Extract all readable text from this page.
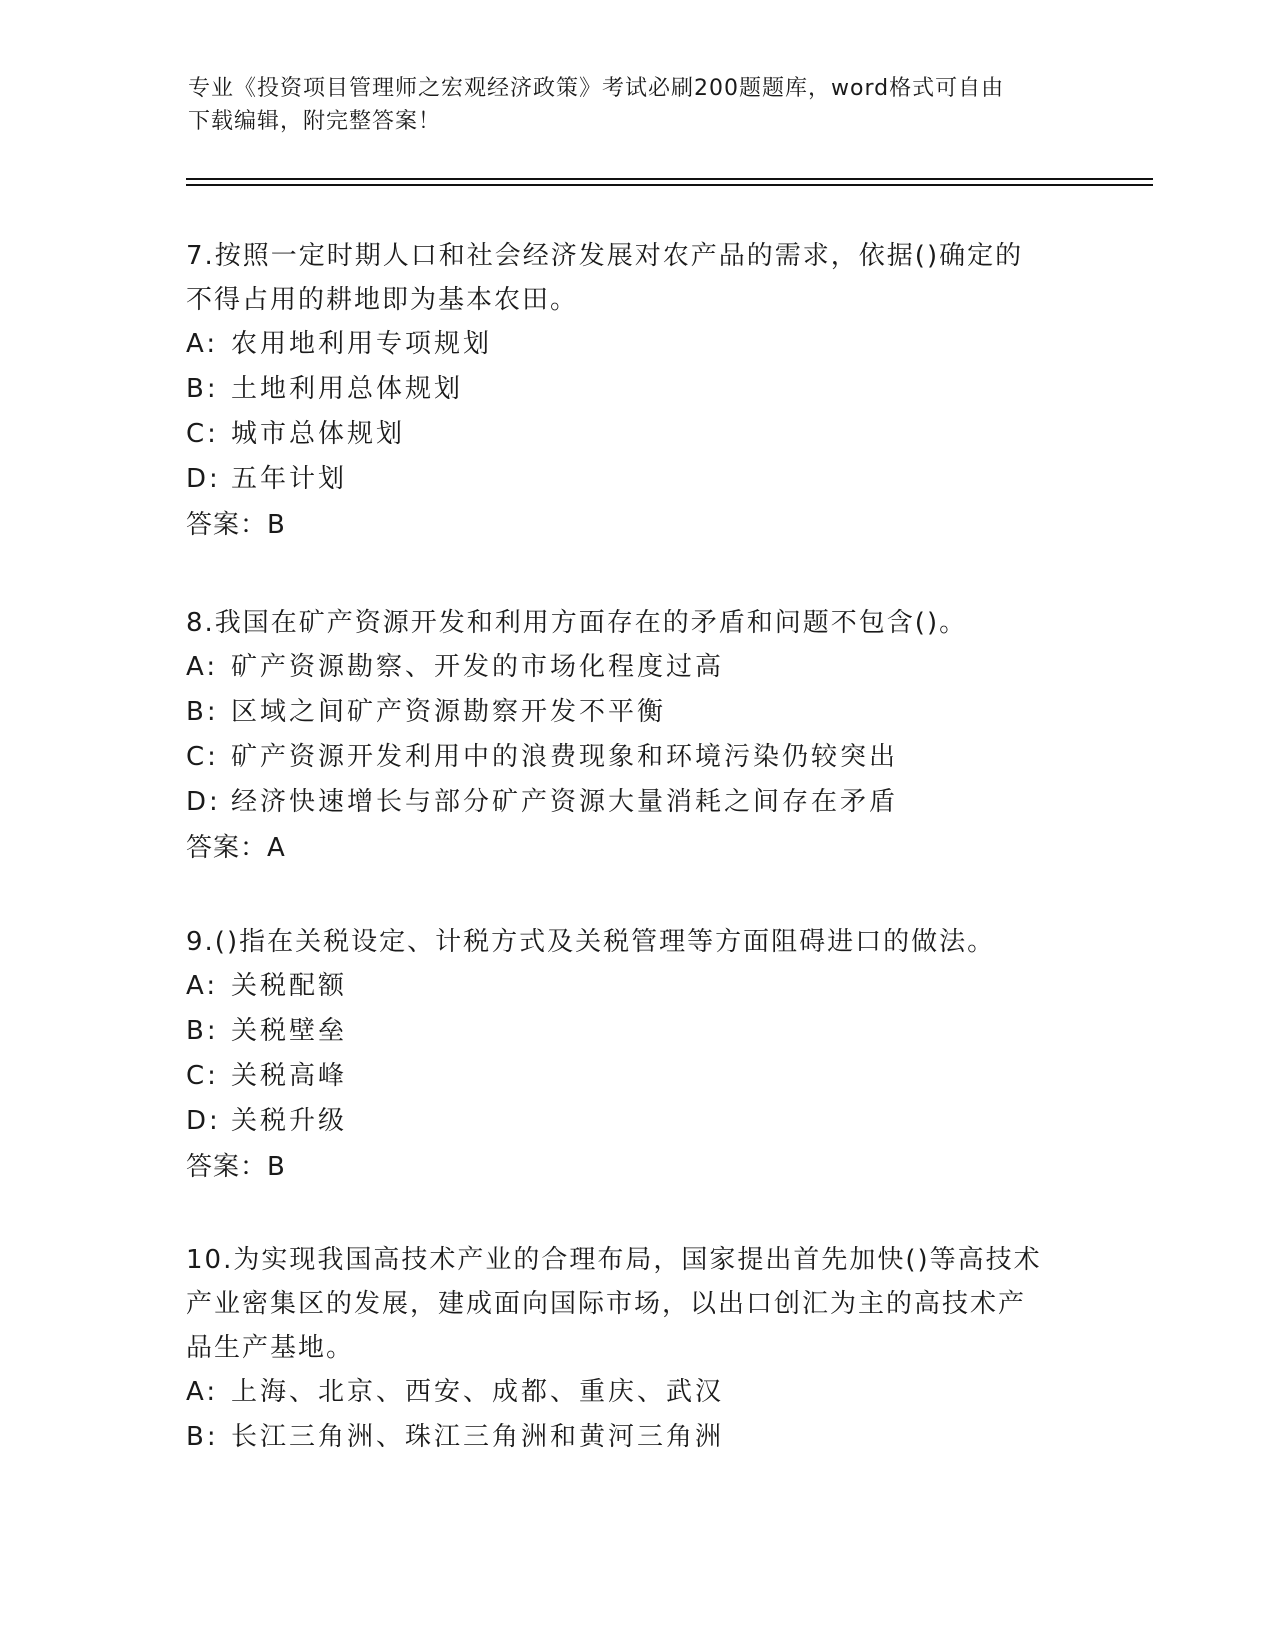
专业《投资项目管理师之宏观经济政策》考试必刷200题题库，word格式可自由
下载编辑，附完整答案！

7.按照一定时期人口和社会经济发展对农产品的需求，依据()确定的

不得占用的耕地即为基本农田。

A: 农用地利用专项规划

B: 土地利用总体规划

C: 城市总体规划

D: 五年计划

答案：B

8.我国在矿产资源开发和利用方面存在的矛盾和问题不包含()。

A: 矿产资源勘察、开发的市场化程度过高

B: 区域之间矿产资源勘察开发不平衡

C: 矿产资源开发利用中的浪费现象和环境污染仍较突出

D: 经济快速增长与部分矿产资源大量消耗之间存在矛盾

答案：A

9.()指在关税设定、计税方式及关税管理等方面阻碍进口的做法。

A: 关税配额

B: 关税壁垒

C: 关税高峰

D: 关税升级

答案：B

10.为实现我国高技术产业的合理布局，国家提出首先加快()等高技术

产业密集区的发展，建成面向国际市场，以出口创汇为主的高技术产

品生产基地。

A: 上海、北京、西安、成都、重庆、武汉

B: 长江三角洲、珠江三角洲和黄河三角洲
